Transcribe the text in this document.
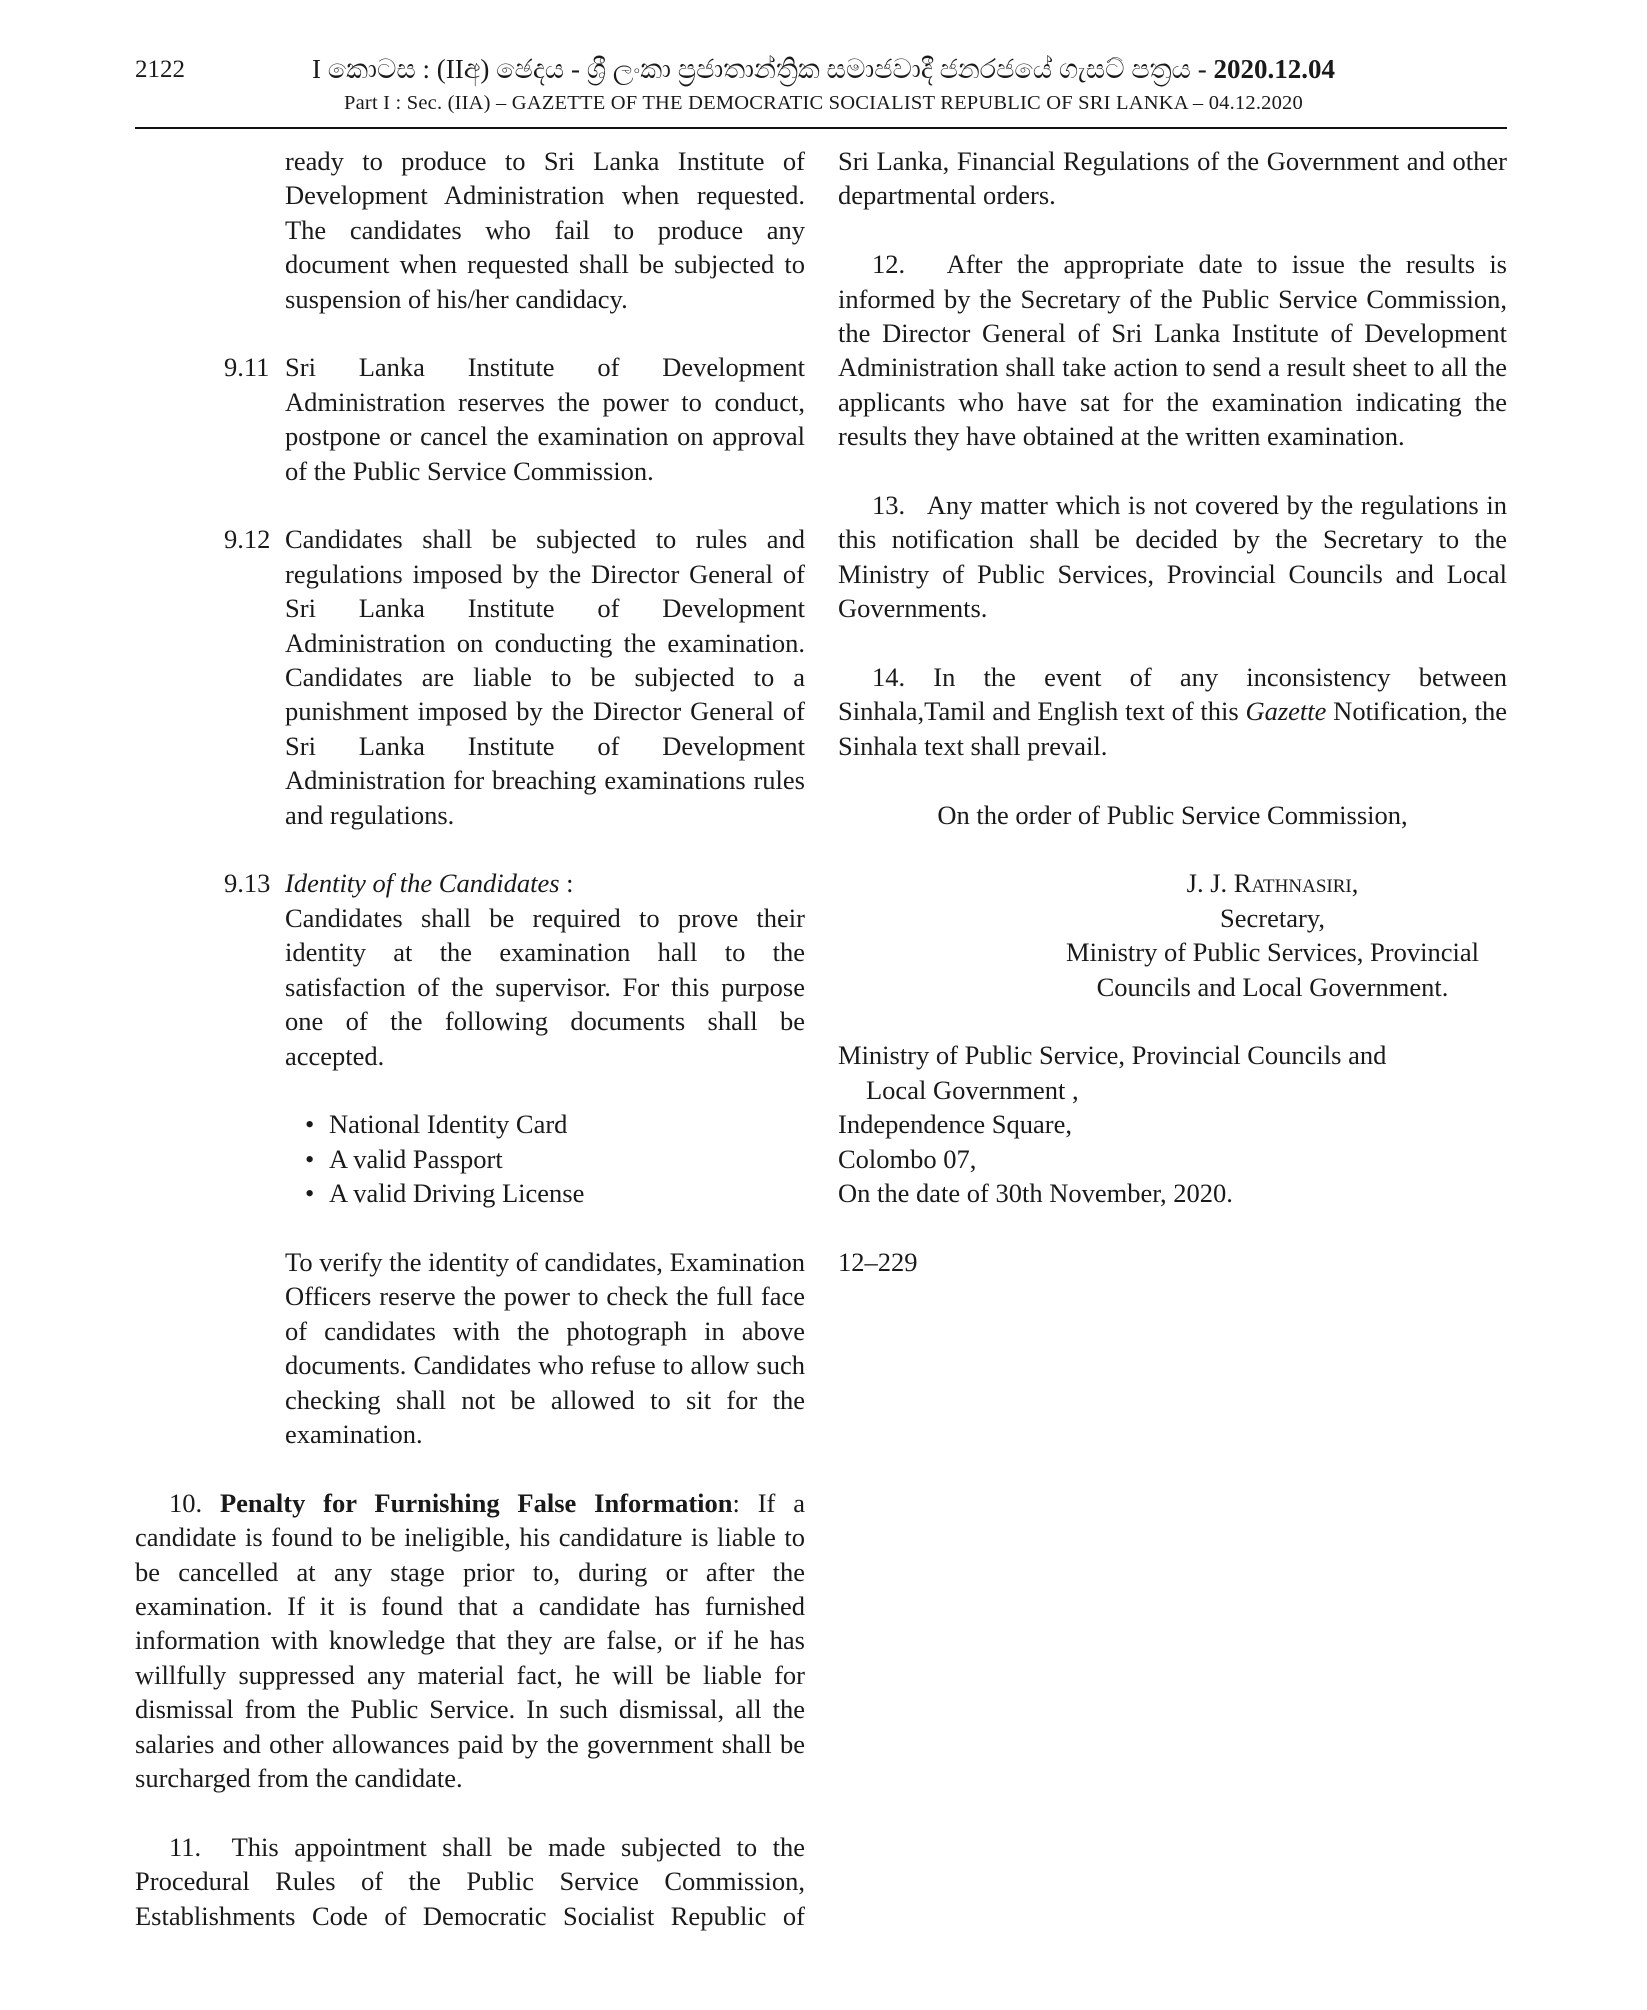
2122	I කොටස : (IIඅ) ඡෙදය - ශ්‍රී ලංකා ප්‍රජාතාන්ත්‍රික සමාජවාදී ජනරජයේ ගැසට් පත්‍රය - 2020.12.04
Part I : Sec. (IIA) – GAZETTE OF THE DEMOCRATIC SOCIALIST REPUBLIC OF SRI LANKA – 04.12.2020

ready to produce to Sri Lanka Institute of Development Administration when requested. The candidates who fail to produce any document when requested shall be subjected to suspension of his/her candidacy.

9.11 Sri Lanka Institute of Development Administration reserves the power to conduct, postpone or cancel the examination on approval of the Public Service Commission.

9.12 Candidates shall be subjected to rules and regulations imposed by the Director General of Sri Lanka Institute of Development Administration on conducting the examination. Candidates are liable to be subjected to a punishment imposed by the Director General of Sri Lanka Institute of Development Administration for breaching examinations rules and regulations.

9.13 Identity of the Candidates :

Candidates shall be required to prove their identity at the examination hall to the satisfaction of the supervisor. For this purpose one of the following documents shall be accepted.

• National Identity Card
• A valid Passport
• A valid Driving License

To verify the identity of candidates, Examination Officers reserve the power to check the full face of candidates with the photograph in above documents. Candidates who refuse to allow such checking shall not be allowed to sit for the examination.

10. Penalty for Furnishing False Information: If a candidate is found to be ineligible, his candidature is liable to be cancelled at any stage prior to, during or after the examination. If it is found that a candidate has furnished information with knowledge that they are false, or if he has willfully suppressed any material fact, he will be liable for dismissal from the Public Service. In such dismissal, all the salaries and other allowances paid by the government shall be surcharged from the candidate.

11. This appointment shall be made subjected to the Procedural Rules of the Public Service Commission, Establishments Code of Democratic Socialist Republic of

Sri Lanka, Financial Regulations of the Government and other departmental orders.

12. After the appropriate date to issue the results is informed by the Secretary of the Public Service Commission, the Director General of Sri Lanka Institute of Development Administration shall take action to send a result sheet to all the applicants who have sat for the examination indicating the results they have obtained at the written examination.

13. Any matter which is not covered by the regulations in this notification shall be decided by the Secretary to the Ministry of Public Services, Provincial Councils and Local Governments.

14. In the event of any inconsistency between Sinhala,Tamil and English text of this Gazette Notification, the Sinhala text shall prevail.

On the order of Public Service Commission,

J. J. Rathnasiri,

Secretary,

Ministry of Public Services, Provincial

Councils and Local Government.

Ministry of Public Service, Provincial Councils and

Local Government ,

Independence Square,

Colombo 07,

On the date of 30th November, 2020.

12–229
